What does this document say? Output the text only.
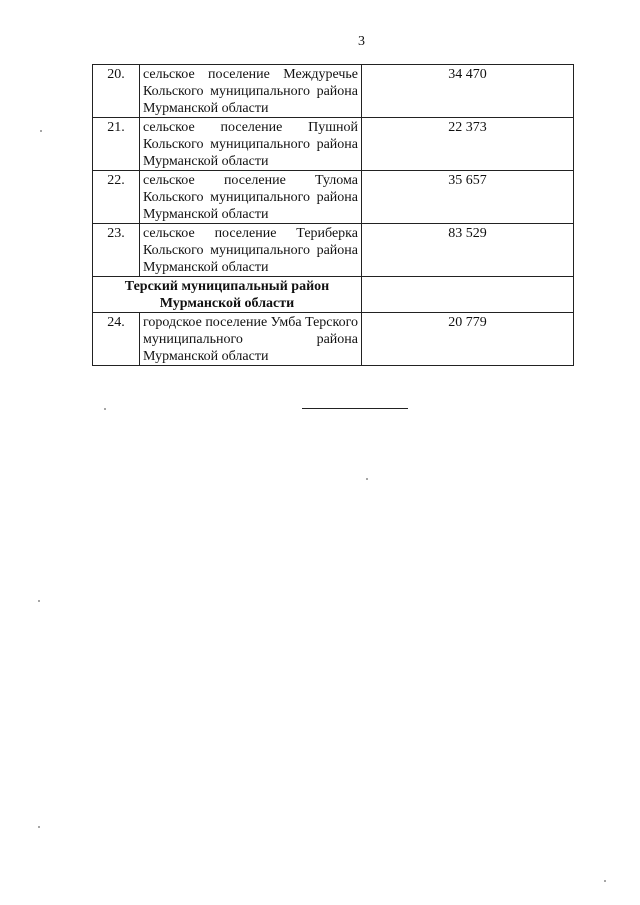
3
20.	сельское поселение Междуречье Кольского муниципального района Мурманской области	34 470
21.	сельское поселение Пушной Кольского муниципального района Мурманской области	22 373
22.	сельское поселение Тулома Кольского муниципального района Мурманской области	35 657
23.	сельское поселение Териберка Кольского муниципального района Мурманской области	83 529
Терский муниципальный район Мурманской области		
24.	городское поселение Умба Терского муниципального района Мурманской области	20 779
